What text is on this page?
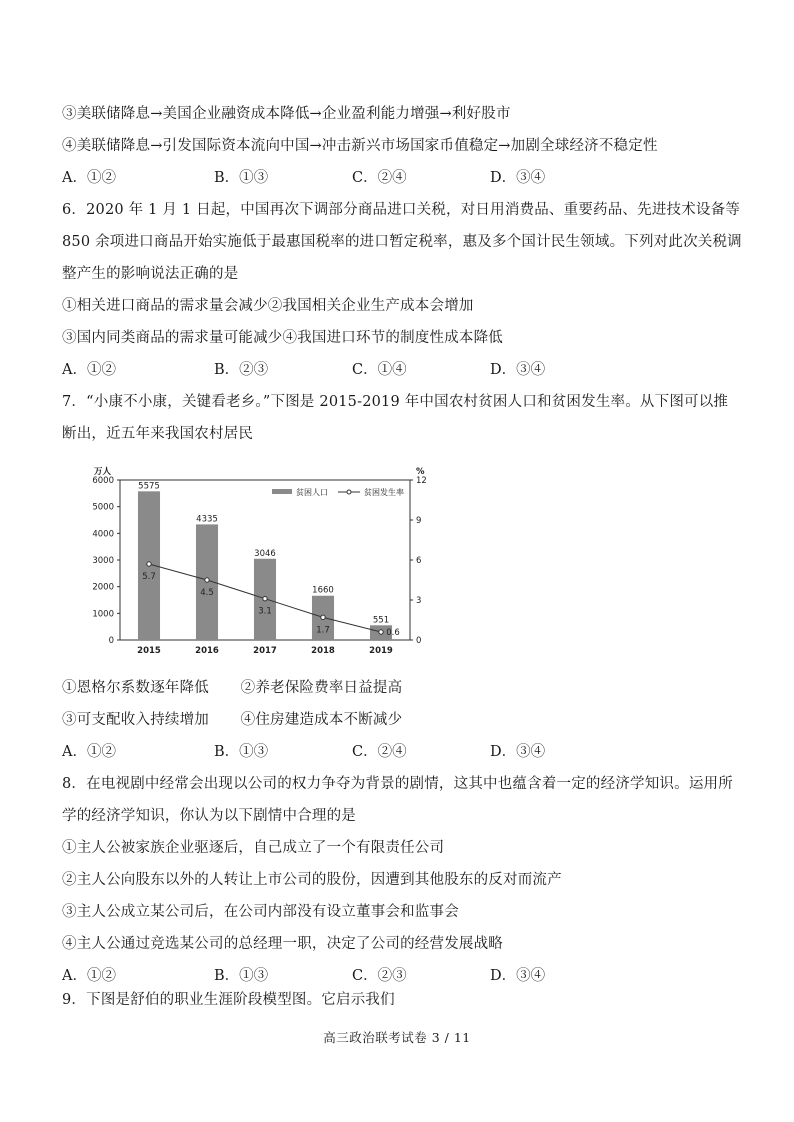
③美联储降息→美国企业融资成本降低→企业盈利能力增强→利好股市
④美联储降息→引发国际资本流向中国→冲击新兴市场国家币值稳定→加剧全球经济不稳定性
A．①②	B．①③	C．②④	D．③④
6．2020 年 1 月 1 日起，中国再次下调部分商品进口关税，对日用消费品、重要药品、先进技术设备等
850 余项进口商品开始实施低于最惠国税率的进口暂定税率，惠及多个国计民生领域。下列对此次关税调
整产生的影响说法正确的是
①相关进口商品的需求量会减少②我国相关企业生产成本会增加
③国内同类商品的需求量可能减少④我国进口环节的制度性成本降低
A．①②	B．②③	C．①④	D．③④
7．“小康不小康，关键看老乡。”下图是 2015-2019 年中国农村贫困人口和贫困发生率。从下图可以推
断出，近五年来我国农村居民
0
1000
2000
3000
4000
5000
6000
0
3
6
9
12
万人	%
2015	2016	2017	2018	2019
5575
4335
3046
1660
551
5.7
4.5
3.1
1.7	0.6
贫困人口	贫困发生率
①恩格尔系数逐年降低 ②养老保险费率日益提高
③可支配收入持续增加 ④住房建造成本不断减少
A．①②	B．①③	C．②④	D．③④
8．在电视剧中经常会出现以公司的权力争夺为背景的剧情，这其中也蕴含着一定的经济学知识。运用所
学的经济学知识，你认为以下剧情中合理的是
①主人公被家族企业驱逐后，自己成立了一个有限责任公司
②主人公向股东以外的人转让上市公司的股份，因遭到其他股东的反对而流产
③主人公成立某公司后，在公司内部没有设立董事会和监事会
④主人公通过竞选某公司的总经理一职，决定了公司的经营发展战略
A．①②	B．①③	C．②③	D．③④
9．下图是舒伯的职业生涯阶段模型图。它启示我们
高三政治联考试卷 3 / 11
